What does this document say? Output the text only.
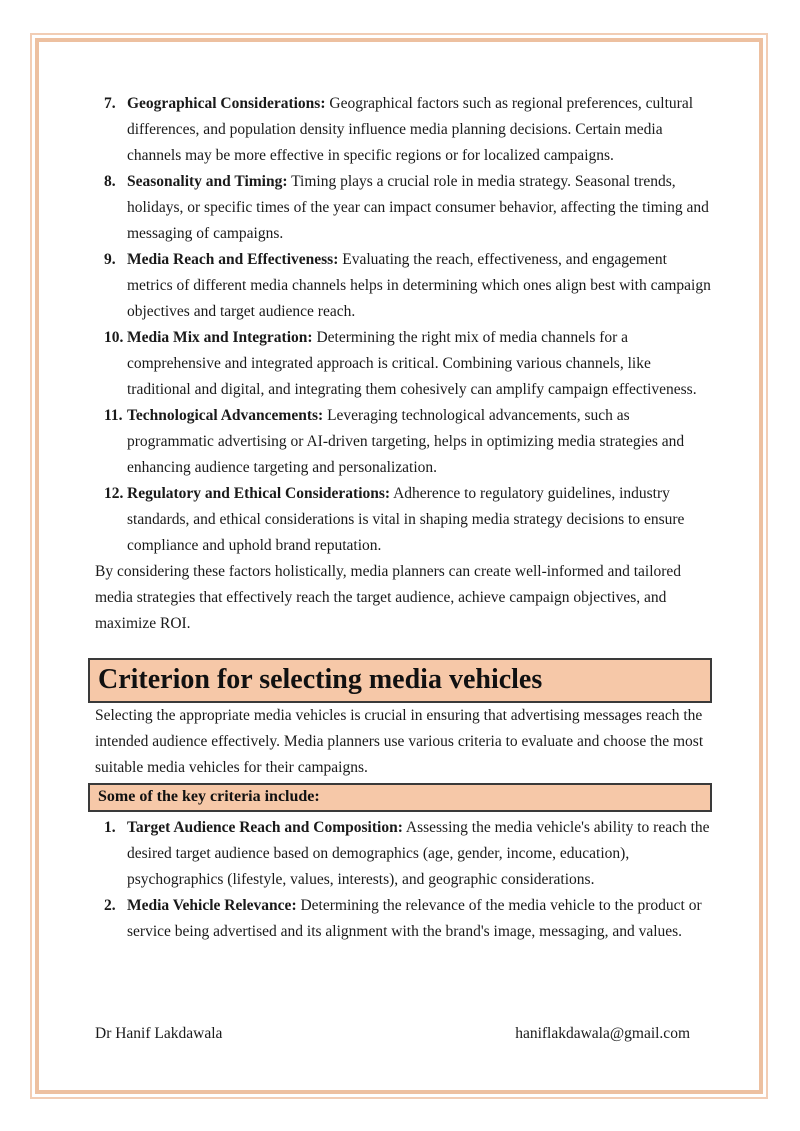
7. Geographical Considerations: Geographical factors such as regional preferences, cultural differences, and population density influence media planning decisions. Certain media channels may be more effective in specific regions or for localized campaigns.
8. Seasonality and Timing: Timing plays a crucial role in media strategy. Seasonal trends, holidays, or specific times of the year can impact consumer behavior, affecting the timing and messaging of campaigns.
9. Media Reach and Effectiveness: Evaluating the reach, effectiveness, and engagement metrics of different media channels helps in determining which ones align best with campaign objectives and target audience reach.
10. Media Mix and Integration: Determining the right mix of media channels for a comprehensive and integrated approach is critical. Combining various channels, like traditional and digital, and integrating them cohesively can amplify campaign effectiveness.
11. Technological Advancements: Leveraging technological advancements, such as programmatic advertising or AI-driven targeting, helps in optimizing media strategies and enhancing audience targeting and personalization.
12. Regulatory and Ethical Considerations: Adherence to regulatory guidelines, industry standards, and ethical considerations is vital in shaping media strategy decisions to ensure compliance and uphold brand reputation.

By considering these factors holistically, media planners can create well-informed and tailored media strategies that effectively reach the target audience, achieve campaign objectives, and maximize ROI.

Criterion for selecting media vehicles

Selecting the appropriate media vehicles is crucial in ensuring that advertising messages reach the intended audience effectively. Media planners use various criteria to evaluate and choose the most suitable media vehicles for their campaigns.

Some of the key criteria include:
1. Target Audience Reach and Composition: Assessing the media vehicle's ability to reach the desired target audience based on demographics (age, gender, income, education), psychographics (lifestyle, values, interests), and geographic considerations.
2. Media Vehicle Relevance: Determining the relevance of the media vehicle to the product or service being advertised and its alignment with the brand's image, messaging, and values.
Dr Hanif Lakdawala	haniflakdawala@gmail.com
